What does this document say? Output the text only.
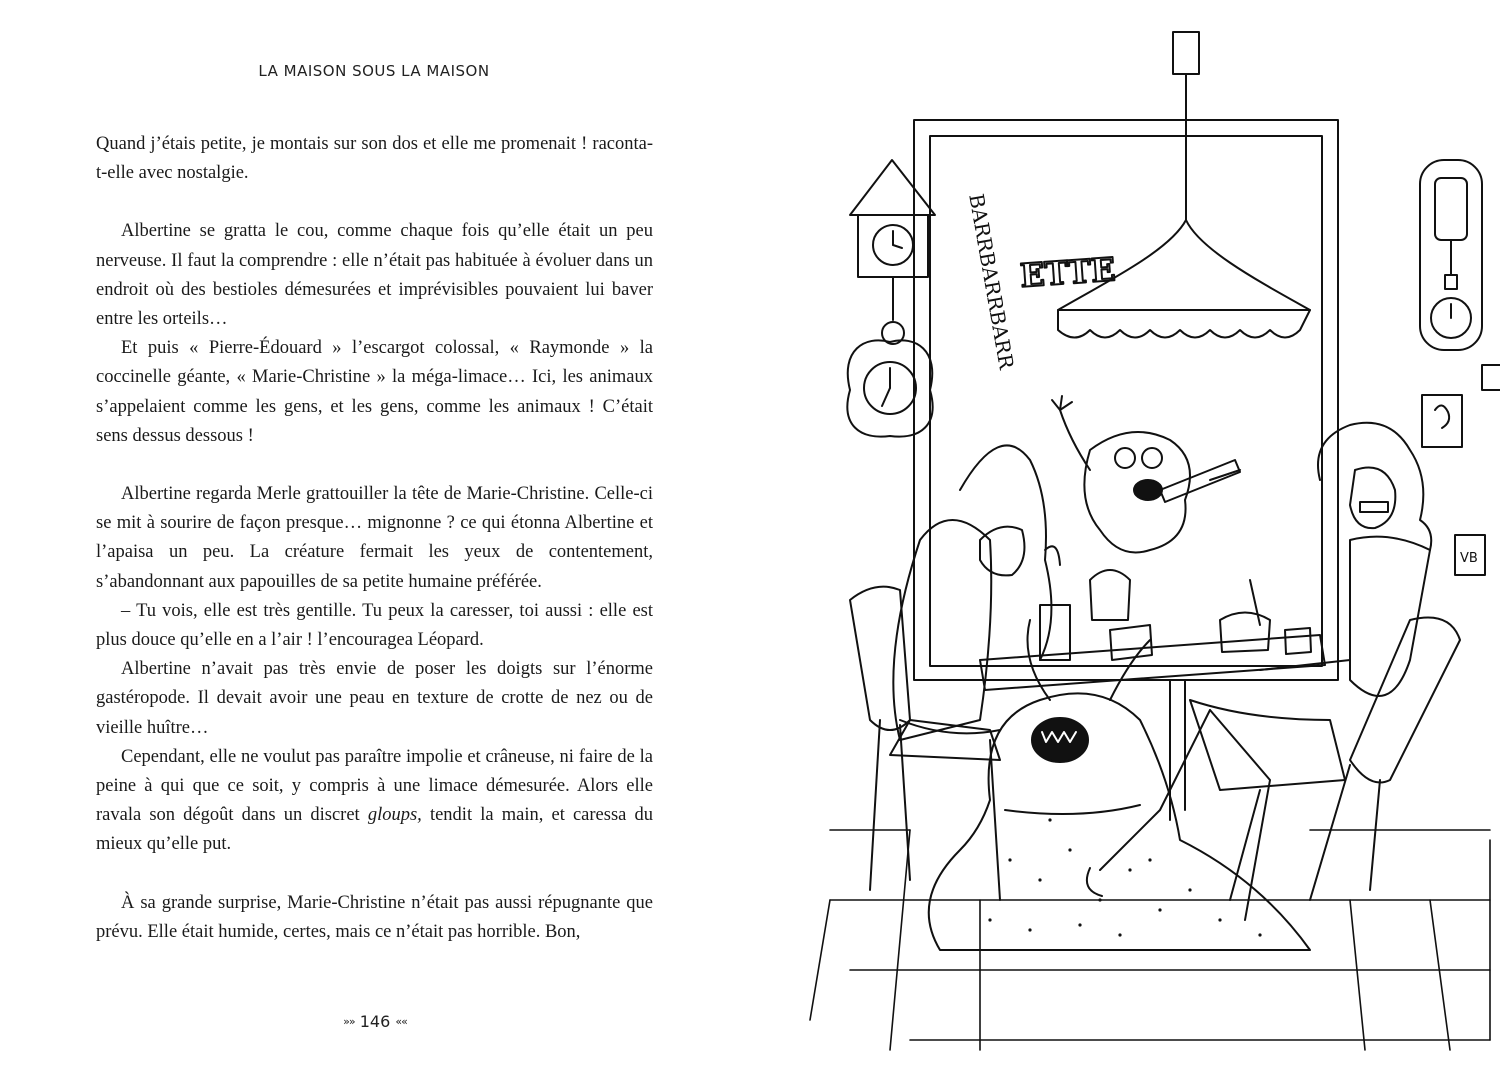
LA MAISON SOUS LA MAISON

Quand j’étais petite, je montais sur son dos et elle me promenait ! raconta-t-elle avec nostalgie.

Albertine se gratta le cou, comme chaque fois qu’elle était un peu nerveuse. Il faut la comprendre : elle n’était pas habituée à évoluer dans un endroit où des bestioles démesurées et imprévisibles pouvaient lui baver entre les orteils…

Et puis « Pierre-Édouard » l’escargot colossal, « Raymonde » la coccinelle géante, « Marie-Christine » la méga-limace… Ici, les animaux s’appelaient comme les gens, et les gens, comme les animaux ! C’était sens dessus dessous !

Albertine regarda Merle grattouiller la tête de Marie-Christine. Celle-ci se mit à sourire de façon presque… mignonne ? ce qui étonna Albertine et l’apaisa un peu. La créature fermait les yeux de contentement, s’abandonnant aux papouilles de sa petite humaine préférée.

– Tu vois, elle est très gentille. Tu peux la caresser, toi aussi : elle est plus douce qu’elle en a l’air ! l’encouragea Léopard.

Albertine n’avait pas très envie de poser les doigts sur l’énorme gastéropode. Il devait avoir une peau en texture de crotte de nez ou de vieille huître…

Cependant, elle ne voulut pas paraître impolie et crâneuse, ni faire de la peine à qui que ce soit, y compris à une limace démesurée. Alors elle ravala son dégoût dans un discret gloups, tendit la main, et caressa du mieux qu’elle put.

À sa grande surprise, Marie-Christine n’était pas aussi répugnante que prévu. Elle était humide, certes, mais ce n’était pas horrible. Bon,

»» 146 ««
ETTE
BARRBARRBARR
VB
